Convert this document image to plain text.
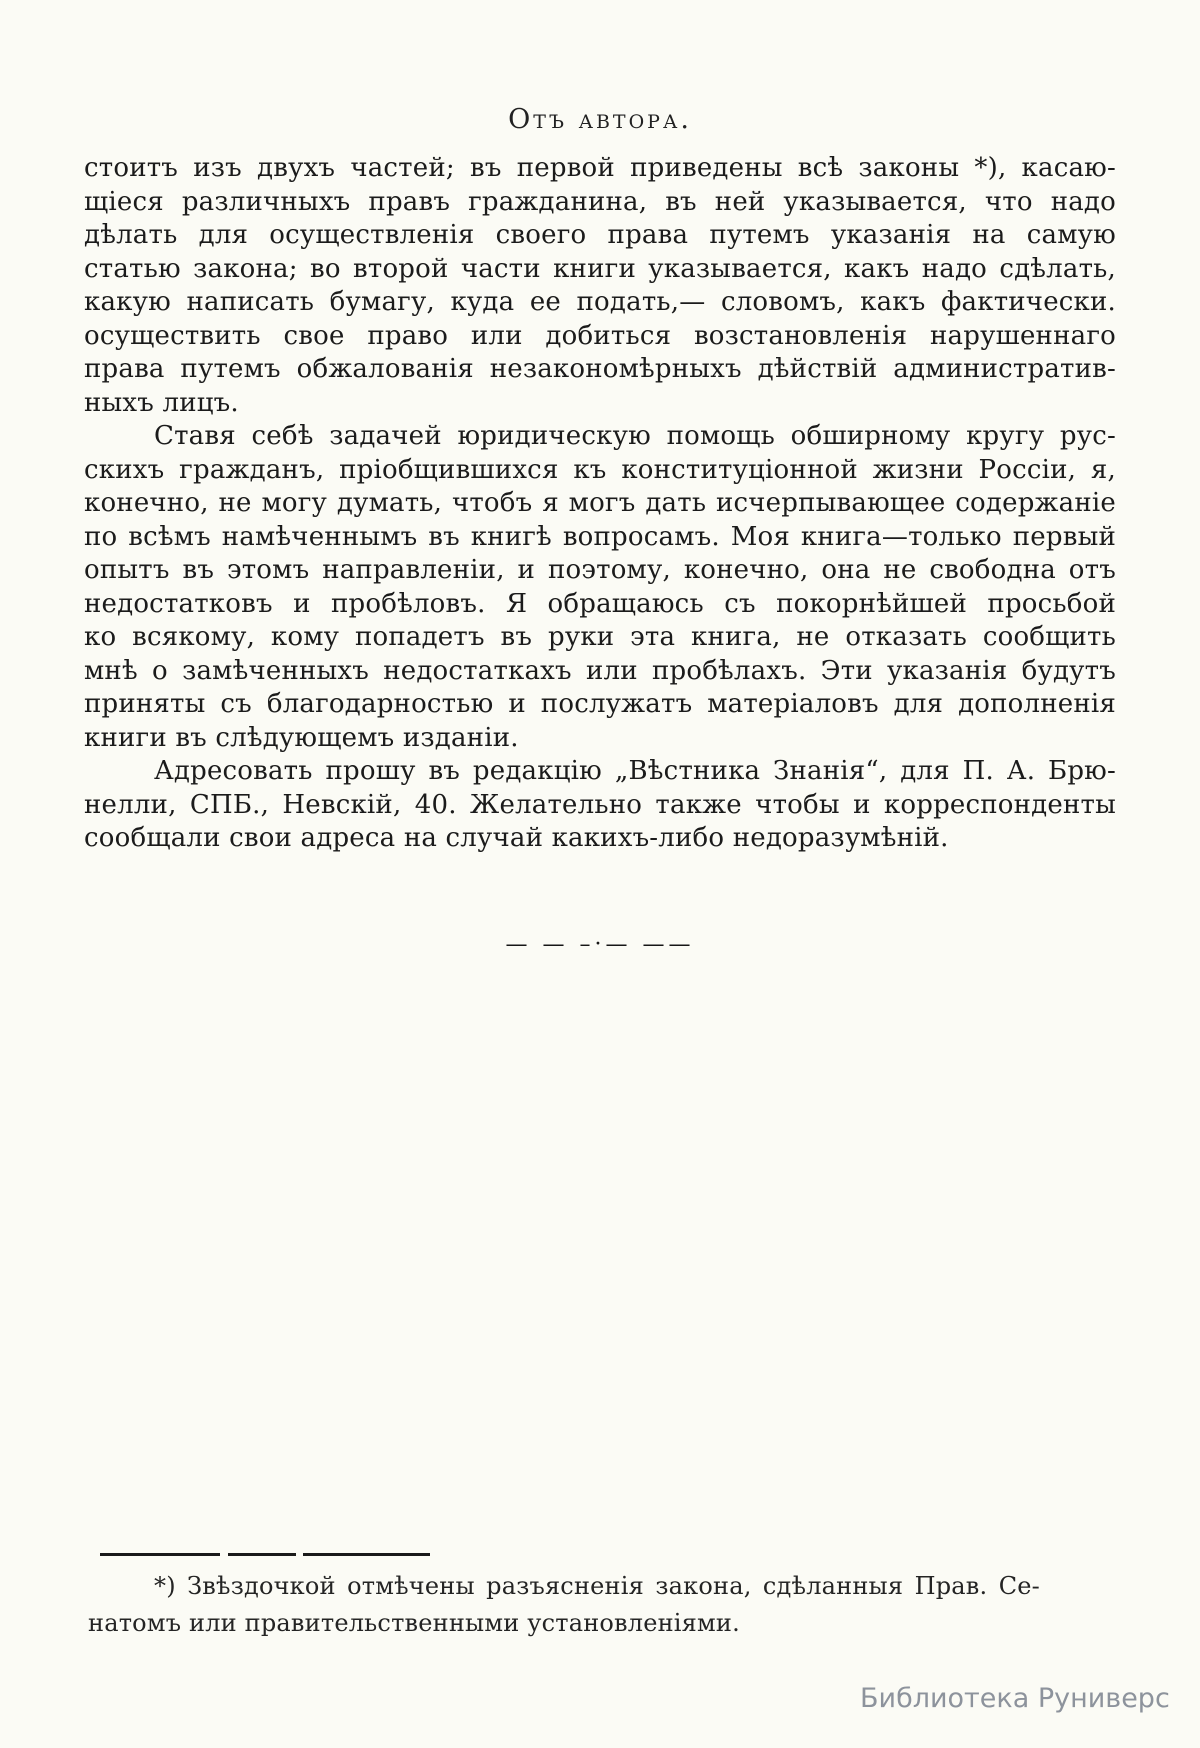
Отъ автора.
стоитъ изъ двухъ частей; въ первой приведены всѣ законы *), касаю-
щіеся различныхъ правъ гражданина, въ ней указывается, что надо
дѣлать для осуществленія своего права путемъ указанія на самую
статью закона; во второй части книги указывается, какъ надо сдѣлать,
какую написать бумагу, куда ее подать,— словомъ, какъ фактически.
осуществить свое право или добиться возстановленія нарушеннаго
права путемъ обжалованія незакономѣрныхъ дѣйствій административ-
ныхъ лицъ.
Ставя себѣ задачей юридическую помощь обширному кругу рус-
скихъ гражданъ, пріобщившихся къ конституціонной жизни Россіи, я,
конечно, не могу думать, чтобъ я могъ дать исчерпывающее содержаніе
по всѣмъ намѣченнымъ въ книгѣ вопросамъ. Моя книга—только первый
опытъ въ этомъ направленіи, и поэтому, конечно, она не свободна отъ
недостатковъ и пробѣловъ. Я обращаюсь съ покорнѣйшей просьбой
ко всякому, кому попадетъ въ руки эта книга, не отказать сообщить
мнѣ о замѣченныхъ недостаткахъ или пробѣлахъ. Эти указанія будутъ
приняты съ благодарностью и послужатъ матеріаловъ для дополненія
книги въ слѣдующемъ изданіи.
Адресовать прошу въ редакцію „Вѣстника Знанія“, для П. А. Брю-
нелли, СПБ., Невскій, 40. Желательно также чтобы и корреспонденты
сообщали свои адреса на случай какихъ-либо недоразумѣній.
— — –·— ——
*) Звѣздочкой отмѣчены разъясненія закона, сдѣланныя Прав. Се-
натомъ или правительственными установленіями.
Библиотека Руниверс
